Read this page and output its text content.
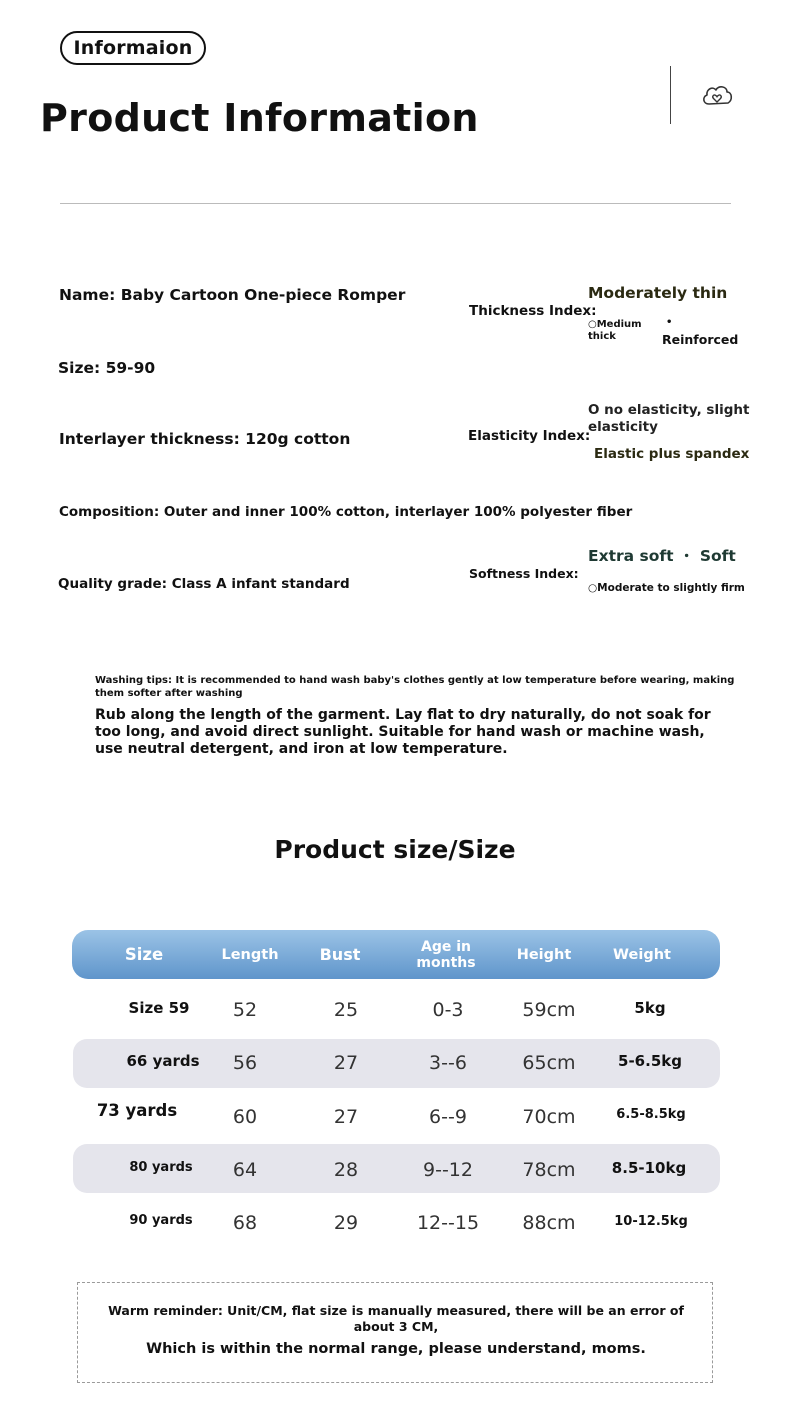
Informaion
Product Information
Name: Baby Cartoon One-piece Romper
Size: 59-90
Interlayer thickness: 120g cotton
Composition: Outer and inner 100% cotton, interlayer 100% polyester fiber
Quality grade: Class A infant standard
Thickness Index:
Moderately thin
○Medium
thick
•
Reinforced
Elasticity Index:
O no elasticity, slight
elasticity
Elastic plus spandex
Softness Index:
Extra soft ・ Soft
○Moderate to slightly firm
Washing tips: It is recommended to hand wash baby's clothes gently at low temperature before wearing, making them softer after washing
Rub along the length of the garment. Lay flat to dry naturally, do not soak for too long, and avoid direct sunlight. Suitable for hand wash or machine wash, use neutral detergent, and iron at low temperature.
Product size/Size
Size	Length	Bust	Age in
months	Height	Weight
Size 59 52	25	0-3	59cm	5kg
66 yards 56	27	3--6	65cm	5-6.5kg
73 yards	60	27	6--9	70cm	6.5-8.5kg
80 yards 64	28	9--12	78cm 8.5-10kg
90 yards 68	29	12--15 88cm	10-12.5kg
Warm reminder: Unit/CM, flat size is manually measured, there will be an error of about 3 CM,
Which is within the normal range, please understand, moms.
